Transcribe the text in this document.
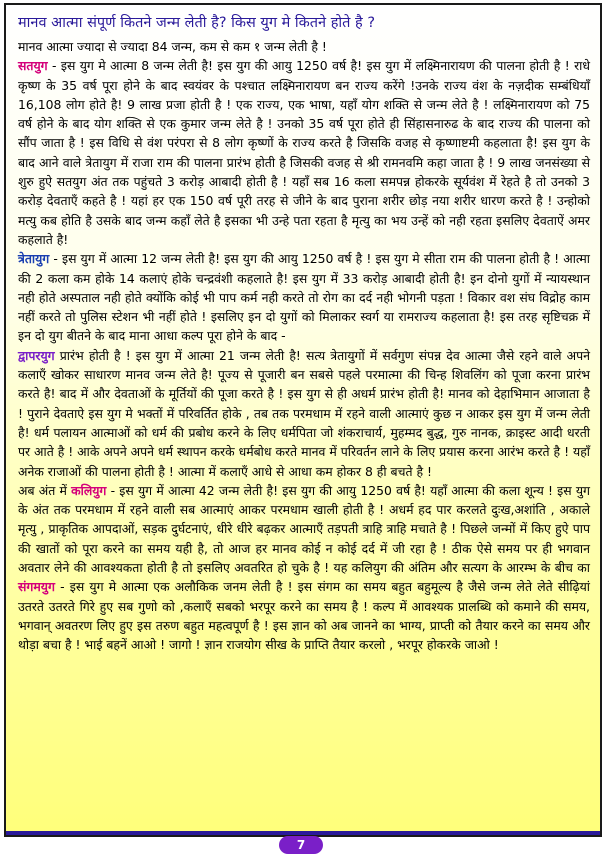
मानव आत्मा संपूर्ण कितने जन्म लेती है? किस युग मे कितने होते है ?

मानव आत्मा ज्यादा से ज्यादा 84 जन्म, कम से कम १ जन्म लेती है !

सतयुग - इस युग मे आत्मा 8 जन्म लेती है! इस युग की आयु 1250 वर्ष है! इस युग में लक्ष्मिनारायण की पालना होती है ! राधे कृष्ण के 35 वर्ष पूरा होने के बाद स्वयंवर के पश्चात लक्ष्मिनारायण बन राज्य करेंगे !उनके राज्य वंश के नज़दीक सम्बंधियाँ 16,108 लोग होते है! 9 लाख प्रजा होती है ! एक राज्य, एक भाषा, यहाँ योग शक्ति से जन्म लेते है ! लक्ष्मिनारायण को 75 वर्ष होने के बाद योग शक्ति से एक कुमार जन्म लेते है ! उनको 35 वर्ष पूरा होते ही सिंहासनारुढ के बाद राज्य की पालना को सौंप जाता है ! इस विधि से वंश परंपरा से 8 लोग कृष्णों के राज्य करते है जिसकि वजह से कृष्णाष्टमी कहलाता है! इस युग के बाद आने वाले त्रेतायुग में राजा राम की पालना प्रारंभ होती है जिसकी वजह से श्री रामनवमि कहा जाता है ! 9 लाख जनसंख्या से शुरु हुऐ सतयुग अंत तक पहुंचते 3 करोड़ आबादी होती है ! यहाँ सब 16 कला समपन्न होकरके सूर्यवंश में रेहते है तो उनको 3 करोड़ देवताएँ कहते है ! यहां हर एक 150 वर्ष पूरी तरह से जीने के बाद पुराना शरीर छोड़ नया शरीर धारण करते है ! उन्होको मत्यु कब होति है उसके बाद जन्म कहाँ लेते है इसका भी उन्हे पता रहता है मृत्यु का भय उन्हें को नही रहता इसलिए देवताऐं अमर कहलाते है!

त्रेतायुग - इस युग में आत्मा 12 जन्म लेती है! इस युग की आयु 1250 वर्ष है ! इस युग मे सीता राम की पालना होती है ! आत्मा की 2 कला कम होके 14 कलाएं होके चन्द्रवंशी कहलाते है! इस युग में 33 करोड़ आबादी होती है! इन दोनो युगों में न्यायस्थान नही होते अस्पताल नही होते क्योंकि कोई भी पाप कर्म नही करते तो रोग का दर्द नही भोगनी पड़ता ! विकार वश संघ विद्रोह काम नहीं करते तो पुलिस स्टेशन भी नहीं होते ! इसलिए इन दो युगों को मिलाकर स्वर्ग या रामराज्य कहलाता है! इस तरह सृष्टिचक्र में इन दो युग बीतने के बाद माना आधा कल्प पूरा होने के बाद -

द्वापरयुग प्रारंभ होती है ! इस युग में आत्मा 21 जन्म लेती है! सत्य त्रेतायुगों में सर्वगुण संपन्न देव आत्मा जैसे रहने वाले अपने कलाएँ खोकर साधारण मानव जन्म लेते है! पूज्य से पूजारी बन सबसे पहले परमात्मा की चिन्ह शिवलिंग को पूजा करना प्रारंभ करते है! बाद में और देवताओं के मूर्तियों की पूजा करते है ! इस युग से ही अधर्म प्रारंभ होती है! मानव को देहाभिमान आजाता है ! पुराने देवताऐ इस युग मे भक्तों में परिवर्तित होके , तब तक परमधाम में रहने वाली आत्माएं कुछ न आकर इस युग में जन्म लेती है! धर्म पलायन आत्माओं को धर्म की प्रबोध करने के लिए धर्मपिता जो शंकराचार्य, मुहम्मद बुद्ध, गुरु नानक, क्राइस्ट आदी धरती पर आते है ! आके अपने अपने धर्म स्थापन करके धर्मबोध करते मानव में परिवर्तन लाने के लिए प्रयास करना आरंभ करते है ! यहाँ अनेक राजाओं की पालना होती है ! आत्मा में कलाएँ आधे से आधा कम होकर 8 ही बचते है !

अब अंत में कलियुग - इस युग में आत्मा 42 जन्म लेती है! इस युग की आयु 1250 वर्ष है! यहाँ आत्मा की कला शून्य ! इस युग के अंत तक परमधाम में रहने वाली सब आत्माएं आकर परमधाम खाली होती है ! अधर्म हद पार करलते दुःख,अशांति , अकाले मृत्यु , प्राकृतिक आपदाओं, सड़क दुर्घटनाएं, धीरे धीरे बढ़कर आत्माएँ तड़पती त्राहि त्राहि मचाते है ! पिछले जन्मों में किए हुऐ पाप की खातों को पूरा करने का समय यही है, तो आज हर मानव कोई न कोई दर्द में जी रहा है ! ठीक ऐसे समय पर ही भगवान अवतार लेने की आवश्यकता होती है तो इसलिए अवतरित हो चुके है ! यह कलियुग की अंतिम और सत्यग के आरम्भ के बीच का संगमयुग - इस युग मे आत्मा एक अलौकिक जनम लेती है ! इस संगम का समय बहुत बहुमूल्य है जैसे जन्म लेते लेते सीढ़ियां उतरते उतरते गिरे हुए सब गुणो को ,कलाएँ सबको भरपूर करने का समय है ! कल्प में आवश्यक प्रालब्धि को कमाने की समय, भगवान् अवतरण लिए हुए इस तरुण बहुत महत्वपूर्ण है ! इस ज्ञान को अब जानने का भाग्य, प्राप्ती को तैयार करने का समय और थोड़ा बचा है ! भाई बहनें आओ ! जागो ! ज्ञान राजयोग सीख के प्राप्ति तैयार करलो , भरपूर होकरके जाओ !

7
